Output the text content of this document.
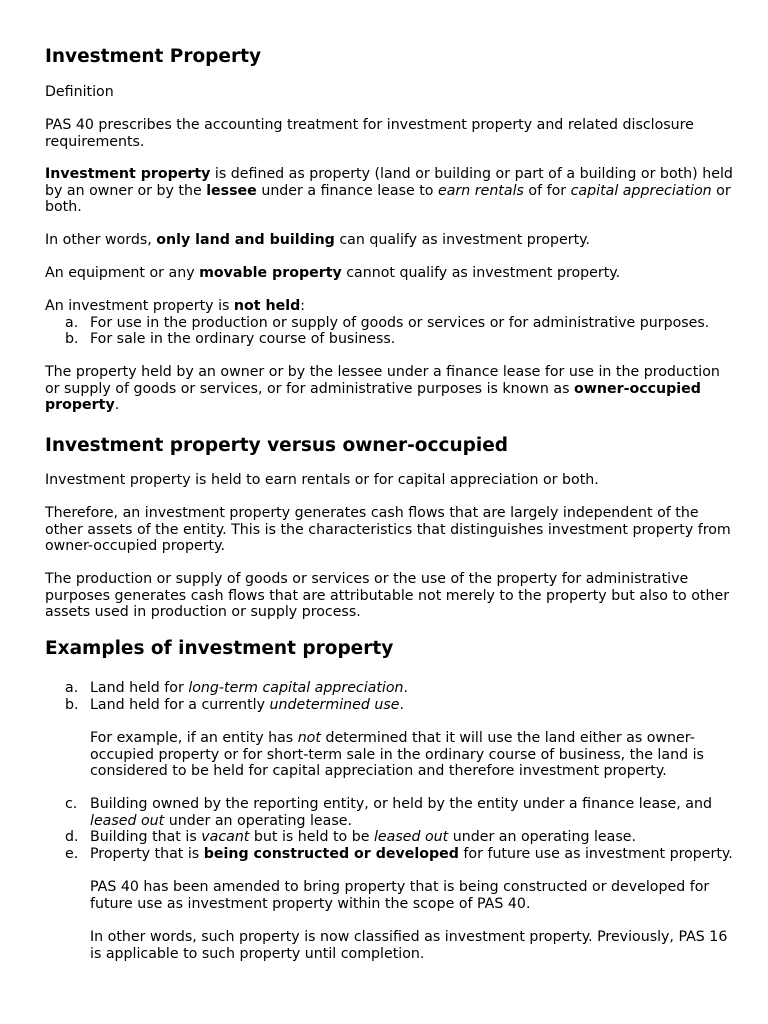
Investment Property

Definition

PAS 40 prescribes the accounting treatment for investment property and related disclosure requirements.

Investment property is defined as property (land or building or part of a building or both) held by an owner or by the lessee under a finance lease to earn rentals of for capital appreciation or both.

In other words, only land and building can qualify as investment property.

An equipment or any movable property cannot qualify as investment property.

An investment property is not held:
a. For use in the production or supply of goods or services or for administrative purposes.
b. For sale in the ordinary course of business.

The property held by an owner or by the lessee under a finance lease for use in the production or supply of goods or services, or for administrative purposes is known as owner-occupied property.

Investment property versus owner-occupied

Investment property is held to earn rentals or for capital appreciation or both.

Therefore, an investment property generates cash flows that are largely independent of the other assets of the entity. This is the characteristics that distinguishes investment property from owner-occupied property.

The production or supply of goods or services or the use of the property for administrative purposes generates cash flows that are attributable not merely to the property but also to other assets used in production or supply process.

Examples of investment property
a. Land held for long-term capital appreciation.
b. Land held for a currently undetermined use.

For example, if an entity has not determined that it will use the land either as owner-occupied property or for short-term sale in the ordinary course of business, the land is considered to be held for capital appreciation and therefore investment property.

c. Building owned by the reporting entity, or held by the entity under a finance lease, and leased out under an operating lease.
d. Building that is vacant but is held to be leased out under an operating lease.
e. Property that is being constructed or developed for future use as investment property.

PAS 40 has been amended to bring property that is being constructed or developed for future use as investment property within the scope of PAS 40.

In other words, such property is now classified as investment property. Previously, PAS 16 is applicable to such property until completion.
